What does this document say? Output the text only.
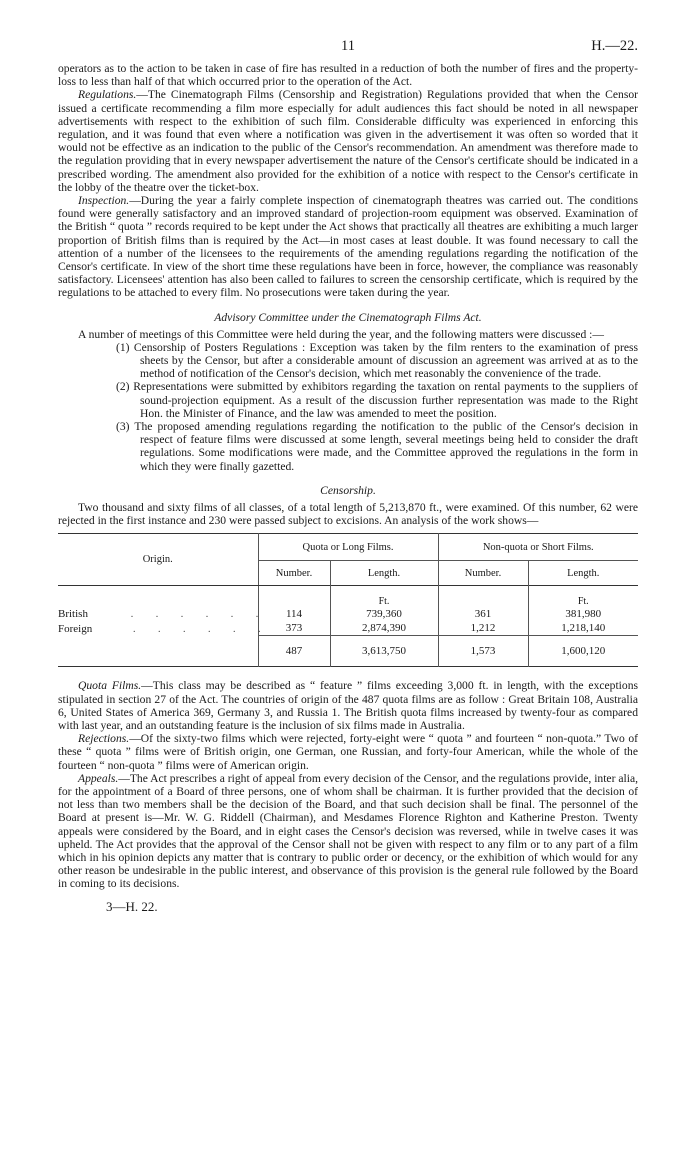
11	H.—22.

operators as to the action to be taken in case of fire has resulted in a reduction of both the number of fires and the property-loss to less than half of that which occurred prior to the operation of the Act.

Regulations.—The Cinematograph Films (Censorship and Registration) Regulations provided that when the Censor issued a certificate recommending a film more especially for adult audiences this fact should be noted in all newspaper advertisements with respect to the exhibition of such film. Considerable difficulty was experienced in enforcing this regulation, and it was found that even where a notification was given in the advertisement it was often so worded that it would not be effective as an indication to the public of the Censor's recommendation. An amendment was therefore made to the regulation providing that in every newspaper advertisement the nature of the Censor's certificate should be indicated in a prescribed wording. The amendment also provided for the exhibition of a notice with respect to the Censor's certificate in the lobby of the theatre over the ticket-box.

Inspection.—During the year a fairly complete inspection of cinematograph theatres was carried out. The conditions found were generally satisfactory and an improved standard of projection-room equipment was observed. Examination of the British “ quota ” records required to be kept under the Act shows that practically all theatres are exhibiting a much larger proportion of British films than is required by the Act—in most cases at least double. It was found necessary to call the attention of a number of the licensees to the requirements of the amending regulations regarding the notification of the Censor's certificate. In view of the short time these regulations have been in force, however, the compliance was reasonably satisfactory. Licensees' attention has also been called to failures to screen the censorship certificate, which is required by the regulations to be attached to every film. No prosecutions were taken during the year.

Advisory Committee under the Cinematograph Films Act.

A number of meetings of this Committee were held during the year, and the following matters were discussed :—

(1) Censorship of Posters Regulations : Exception was taken by the film renters to the examination of press sheets by the Censor, but after a considerable amount of discussion an agreement was arrived at as to the method of notification of the Censor's decision, which met reasonably the convenience of the trade.

(2) Representations were submitted by exhibitors regarding the taxation on rental payments to the suppliers of sound-projection equipment. As a result of the discussion further representation was made to the Right Hon. the Minister of Finance, and the law was amended to meet the position.

(3) The proposed amending regulations regarding the notification to the public of the Censor's decision in respect of feature films were discussed at some length, several meetings being held to consider the draft regulations. Some modifications were made, and the Committee approved the regulations in the form in which they were finally gazetted.

Censorship.

Two thousand and sixty films of all classes, of a total length of 5,213,870 ft., were examined. Of this number, 62 were rejected in the first instance and 230 were passed subject to excisions. An analysis of the work shows—

Origin.	Quota or Long Films.		Non-quota or Short Films.	
	Number.	Length.	Number.	Length.
		Ft.		Ft.
British . . . . . .	114	739,360	361	381,980
Foreign . . . . . .	373	2,874,390	1,212	1,218,140
	487	3,613,750	1,573	1,600,120

Quota Films.—This class may be described as “ feature ” films exceeding 3,000 ft. in length, with the exceptions stipulated in section 27 of the Act. The countries of origin of the 487 quota films are as follow : Great Britain 108, Australia 6, United States of America 369, Germany 3, and Russia 1. The British quota films increased by twenty-four as compared with last year, and an outstanding feature is the inclusion of six films made in Australia.

Rejections.—Of the sixty-two films which were rejected, forty-eight were “ quota ” and fourteen “ non-quota.” Two of these “ quota ” films were of British origin, one German, one Russian, and forty-four American, while the whole of the fourteen “ non-quota ” films were of American origin.

Appeals.—The Act prescribes a right of appeal from every decision of the Censor, and the regulations provide, inter alia, for the appointment of a Board of three persons, one of whom shall be chairman. It is further provided that the decision of not less than two members shall be the decision of the Board, and that such decision shall be final. The personnel of the Board at present is—Mr. W. G. Riddell (Chairman), and Mesdames Florence Righton and Katherine Preston. Twenty appeals were considered by the Board, and in eight cases the Censor's decision was reversed, while in twelve cases it was upheld. The Act provides that the approval of the Censor shall not be given with respect to any film or to any part of a film which in his opinion depicts any matter that is contrary to public order or decency, or the exhibition of which would for any other reason be undesirable in the public interest, and observance of this provision is the general rule followed by the Board in coming to its decisions.

3—H. 22.
